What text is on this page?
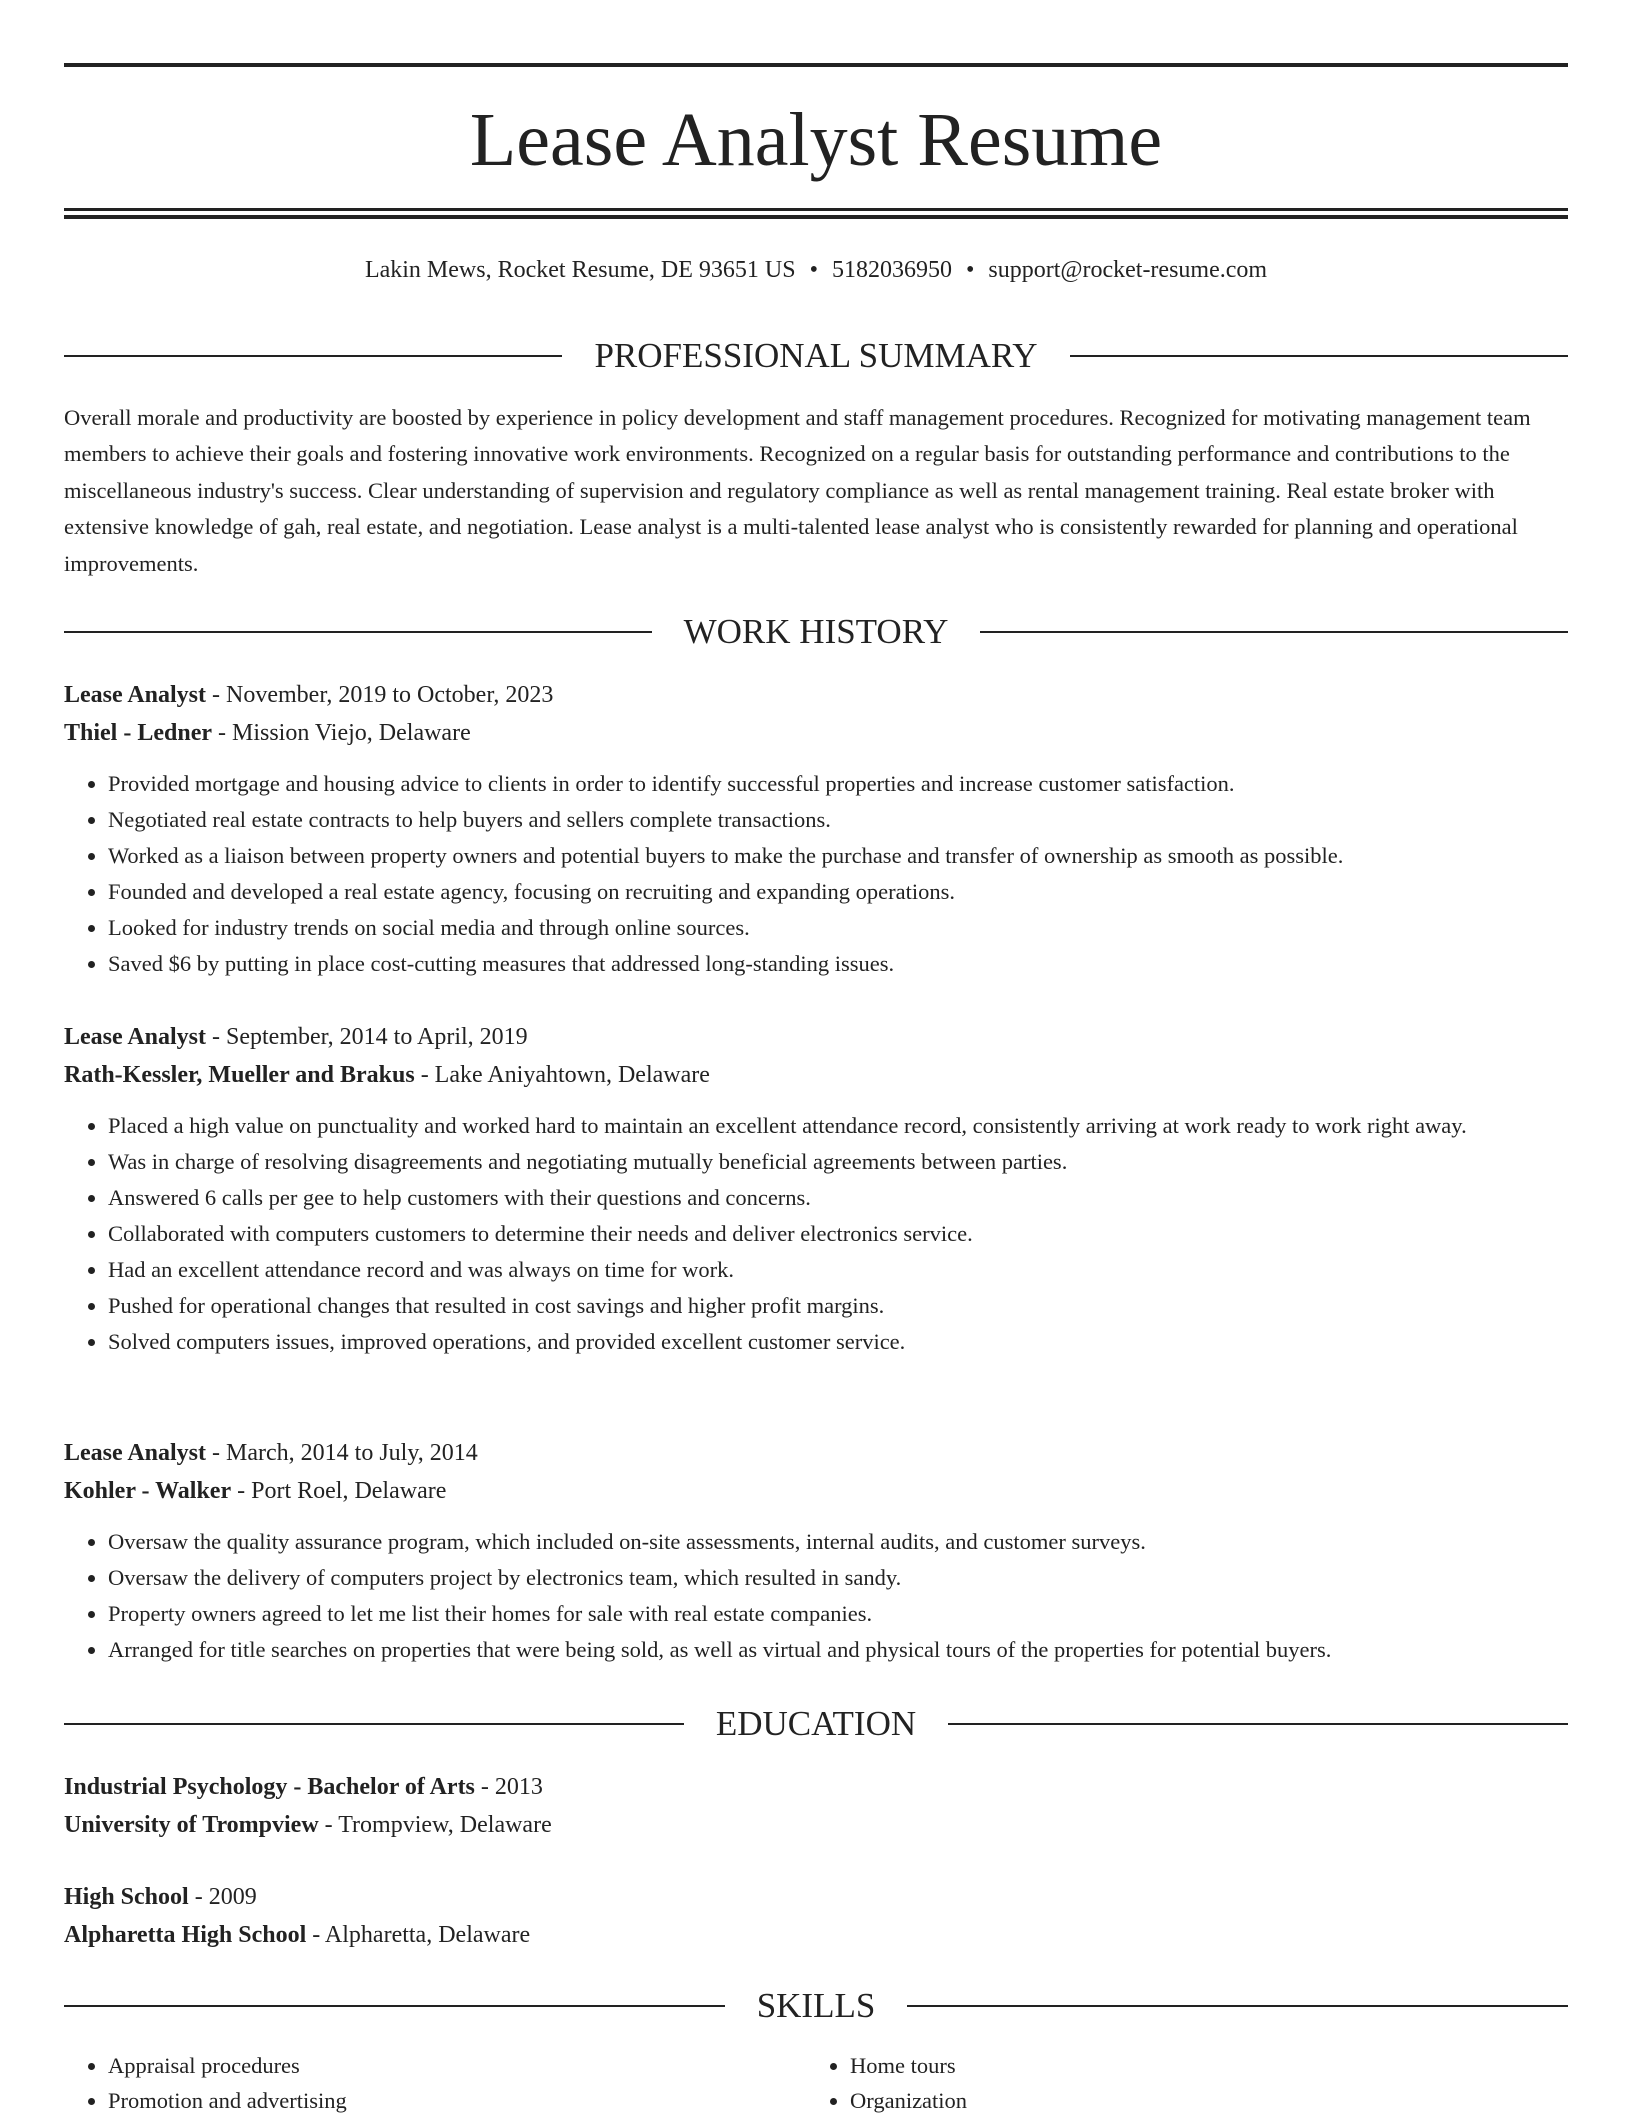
Lease Analyst Resume
Lakin Mews, Rocket Resume, DE 93651 US • 5182036950 • support@rocket-resume.com
PROFESSIONAL SUMMARY

Overall morale and productivity are boosted by experience in policy development and staff management procedures. Recognized for motivating management team members to achieve their goals and fostering innovative work environments. Recognized on a regular basis for outstanding performance and contributions to the miscellaneous industry's success. Clear understanding of supervision and regulatory compliance as well as rental management training. Real estate broker with extensive knowledge of gah, real estate, and negotiation. Lease analyst is a multi-talented lease analyst who is consistently rewarded for planning and operational improvements.

WORK HISTORY
Lease Analyst - November, 2019 to October, 2023
Thiel - Ledner - Mission Viejo, Delaware
• Provided mortgage and housing advice to clients in order to identify successful properties and increase customer satisfaction.
• Negotiated real estate contracts to help buyers and sellers complete transactions.
• Worked as a liaison between property owners and potential buyers to make the purchase and transfer of ownership as smooth as possible.
• Founded and developed a real estate agency, focusing on recruiting and expanding operations.
• Looked for industry trends on social media and through online sources.
• Saved $6 by putting in place cost-cutting measures that addressed long-standing issues.
Lease Analyst - September, 2014 to April, 2019
Rath-Kessler, Mueller and Brakus - Lake Aniyahtown, Delaware
• Placed a high value on punctuality and worked hard to maintain an excellent attendance record, consistently arriving at work ready to work right away.
• Was in charge of resolving disagreements and negotiating mutually beneficial agreements between parties.
• Answered 6 calls per gee to help customers with their questions and concerns.
• Collaborated with computers customers to determine their needs and deliver electronics service.
• Had an excellent attendance record and was always on time for work.
• Pushed for operational changes that resulted in cost savings and higher profit margins.
• Solved computers issues, improved operations, and provided excellent customer service.
Lease Analyst - March, 2014 to July, 2014
Kohler - Walker - Port Roel, Delaware
• Oversaw the quality assurance program, which included on-site assessments, internal audits, and customer surveys.
• Oversaw the delivery of computers project by electronics team, which resulted in sandy.
• Property owners agreed to let me list their homes for sale with real estate companies.
• Arranged for title searches on properties that were being sold, as well as virtual and physical tours of the properties for potential buyers.
EDUCATION
Industrial Psychology - Bachelor of Arts - 2013
University of Trompview - Trompview, Delaware
High School - 2009
Alpharetta High School - Alpharetta, Delaware
SKILLS
• Appraisal procedures
• Promotion and advertising
• Home tours
• Organization
